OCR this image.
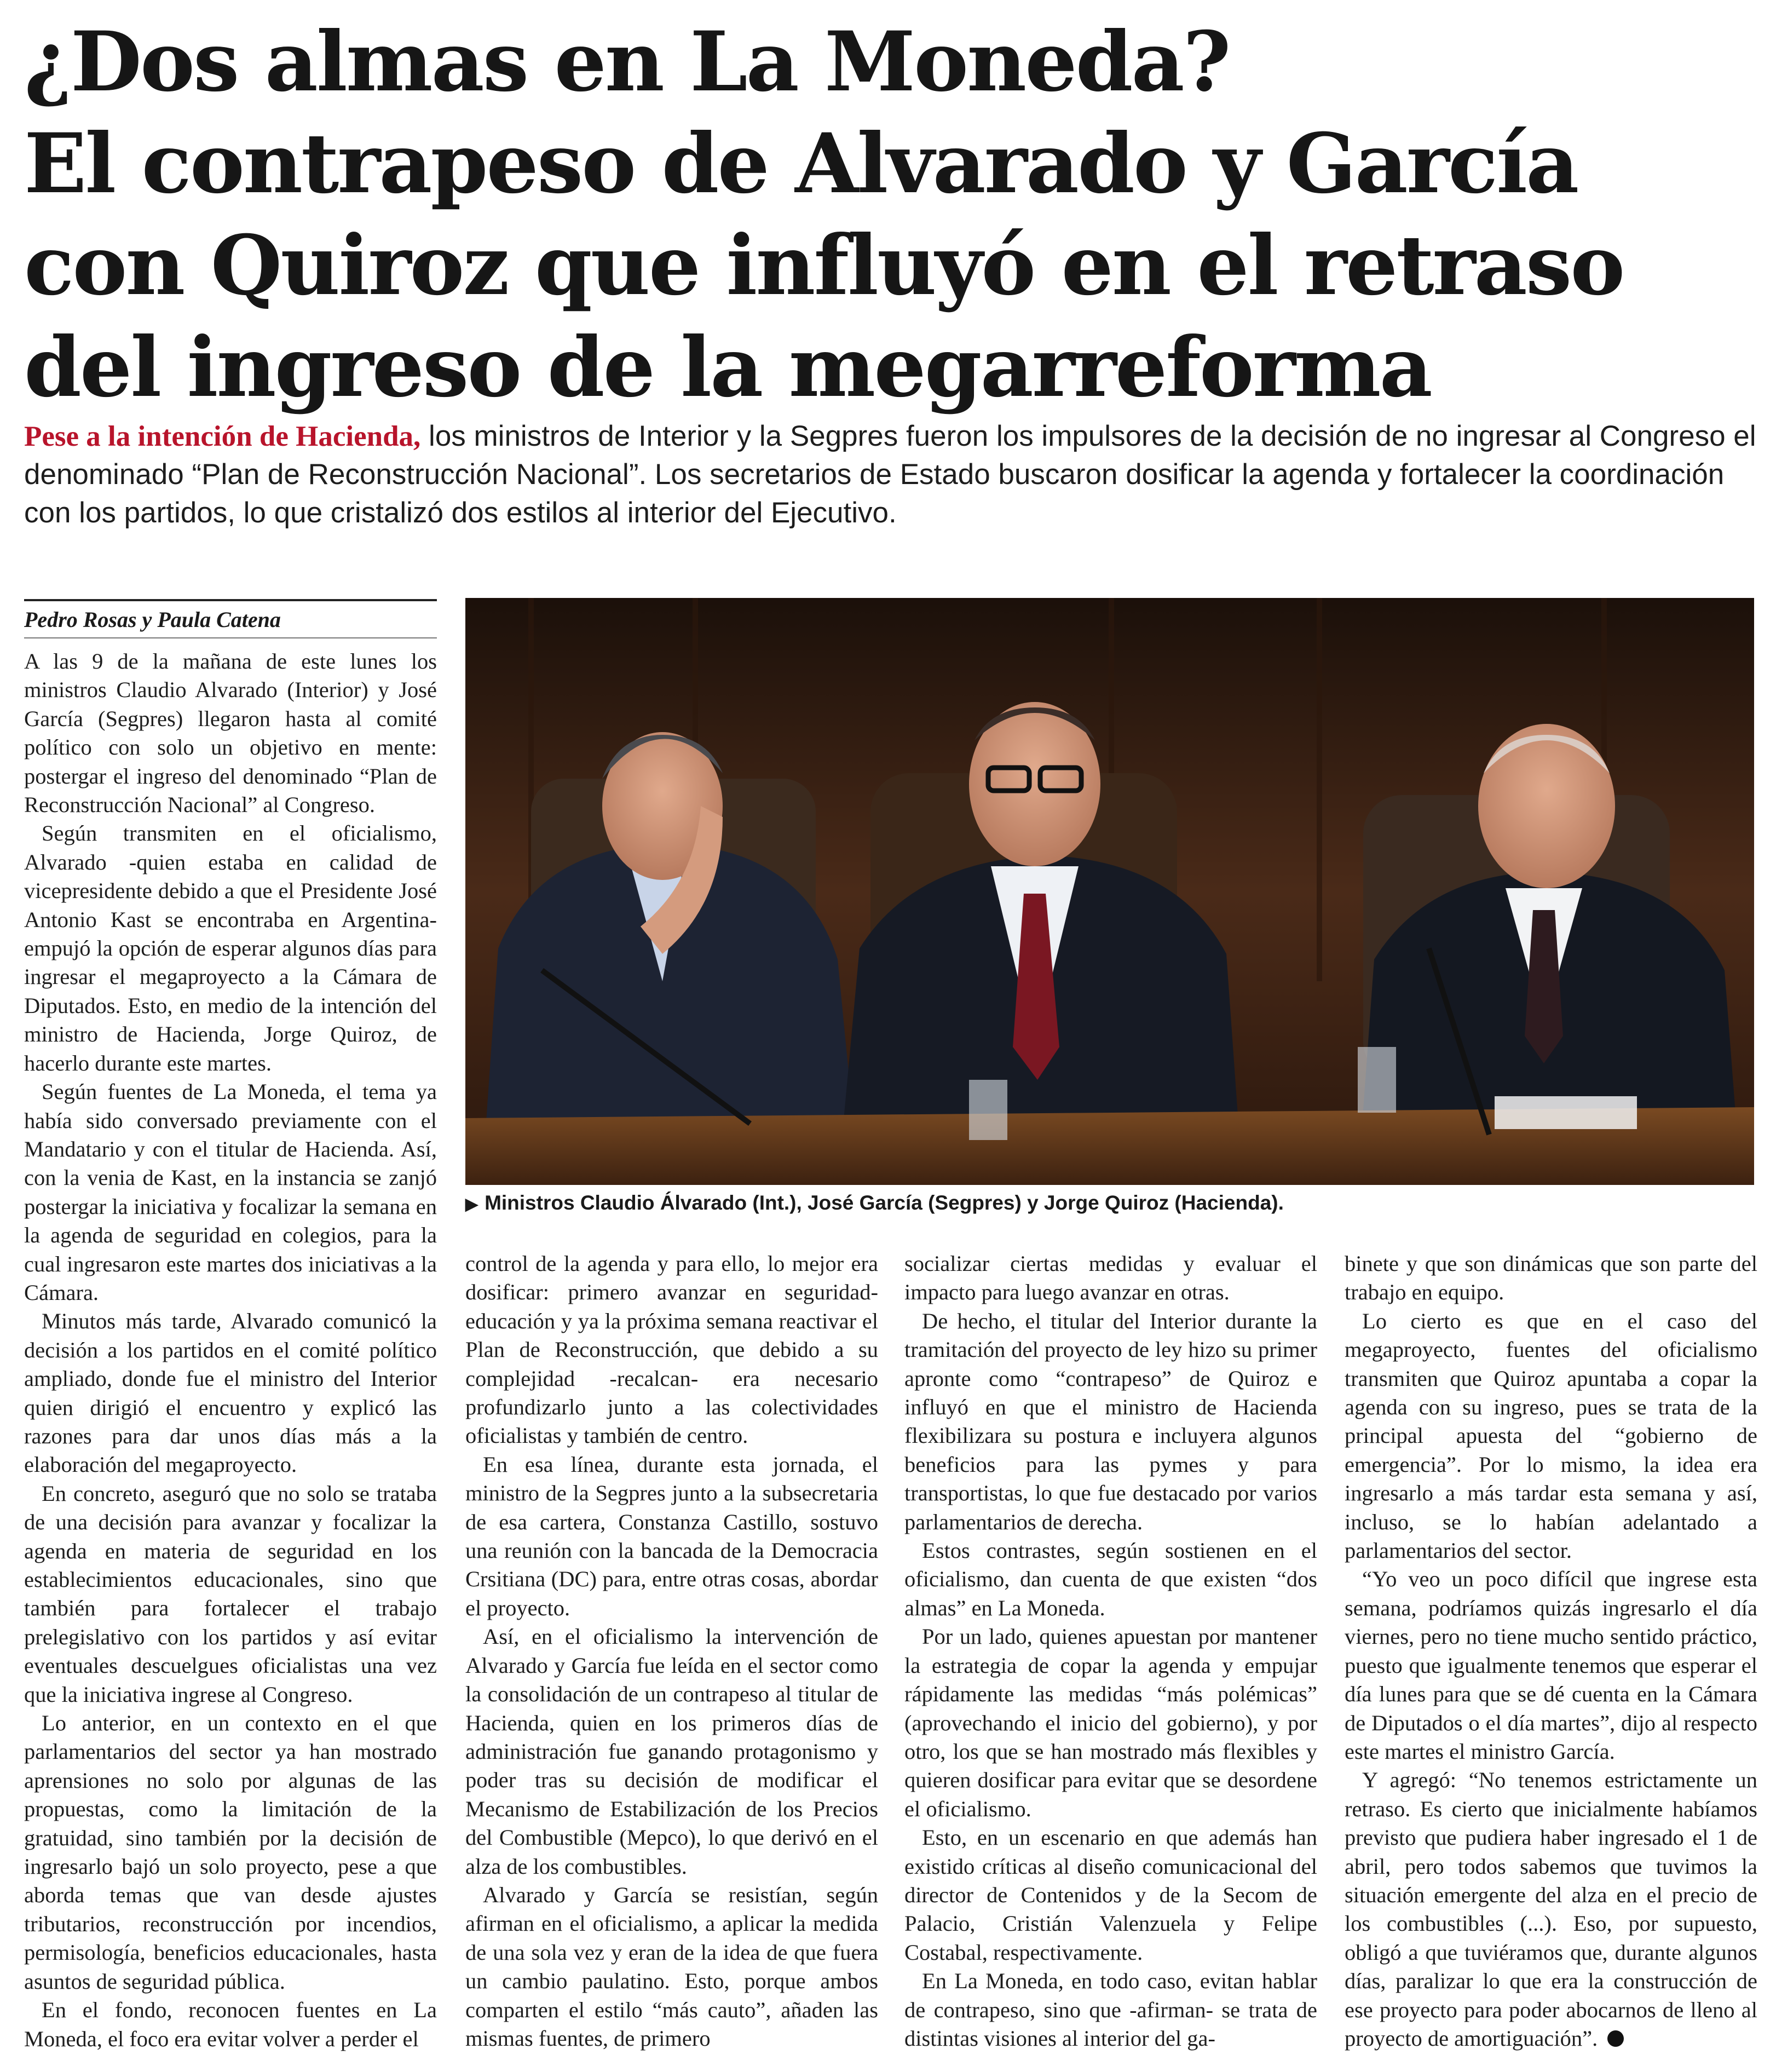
¿Dos almas en La Moneda?
El contrapeso de Alvarado y García
con Quiroz que influyó en el retraso
del ingreso de la megarreforma
Pese a la intención de Hacienda, los ministros de Interior y la Segpres fueron los impulsores de la decisión de no ingresar al Congreso el denominado “Plan de Reconstrucción Nacional”. Los secretarios de Estado buscaron dosificar la agenda y fortalecer la coordinación con los partidos, lo que cristalizó dos estilos al interior del Ejecutivo.
Pedro Rosas y Paula Catena

A las 9 de la mañana de este lunes los ministros Claudio Alvarado (Interior) y José García (Segpres) llegaron hasta al comité político con solo un objetivo en mente: postergar el ingreso del denominado “Plan de Reconstrucción Nacional” al Congreso.

Según transmiten en el oficialismo, Alvarado -quien estaba en calidad de vicepresidente debido a que el Presidente José Antonio Kast se encontraba en Argentina- empujó la opción de esperar algunos días para ingresar el megaproyecto a la Cámara de Diputados. Esto, en medio de la intención del ministro de Hacienda, Jorge Quiroz, de hacerlo durante este martes.

Según fuentes de La Moneda, el tema ya había sido conversado previamente con el Mandatario y con el titular de Hacienda. Así, con la venia de Kast, en la instancia se zanjó postergar la iniciativa y focalizar la semana en la agenda de seguridad en colegios, para la cual ingresaron este martes dos iniciativas a la Cámara.

Minutos más tarde, Alvarado comunicó la decisión a los partidos en el comité político ampliado, donde fue el ministro del Interior quien dirigió el encuentro y explicó las razones para dar unos días más a la elaboración del megaproyecto.

En concreto, aseguró que no solo se trataba de una decisión para avanzar y focalizar la agenda en materia de seguridad en los establecimientos educacionales, sino que también para fortalecer el trabajo prelegislativo con los partidos y así evitar eventuales descuelgues oficialistas una vez que la iniciativa ingrese al Congreso.

Lo anterior, en un contexto en el que parlamentarios del sector ya han mostrado aprensiones no solo por algunas de las propuestas, como la limitación de la gratuidad, sino también por la decisión de ingresarlo bajó un solo proyecto, pese a que aborda temas que van desde ajustes tributarios, reconstrucción por incendios, permisología, beneficios educacionales, hasta asuntos de seguridad pública.

En el fondo, reconocen fuentes en La Moneda, el foco era evitar volver a perder el

▶ Ministros Claudio Álvarado (Int.), José García (Segpres) y Jorge Quiroz (Hacienda).

control de la agenda y para ello, lo mejor era dosificar: primero avanzar en seguridad-educación y ya la próxima semana reactivar el Plan de Reconstrucción, que debido a su complejidad -recalcan- era necesario profundizarlo junto a las colectividades oficialistas y también de centro.

En esa línea, durante esta jornada, el ministro de la Segpres junto a la subsecretaria de esa cartera, Constanza Castillo, sostuvo una reunión con la bancada de la Democracia Crsitiana (DC) para, entre otras cosas, abordar el proyecto.

Así, en el oficialismo la intervención de Alvarado y García fue leída en el sector como la consolidación de un contrapeso al titular de Hacienda, quien en los primeros días de administración fue ganando protagonismo y poder tras su decisión de modificar el Mecanismo de Estabilización de los Precios del Combustible (Mepco), lo que derivó en el alza de los combustibles.

Alvarado y García se resistían, según afirman en el oficialismo, a aplicar la medida de una sola vez y eran de la idea de que fuera un cambio paulatino. Esto, porque ambos comparten el estilo “más cauto”, añaden las mismas fuentes, de primero

socializar ciertas medidas y evaluar el impacto para luego avanzar en otras.

De hecho, el titular del Interior durante la tramitación del proyecto de ley hizo su primer apronte como “contrapeso” de Quiroz e influyó en que el ministro de Hacienda flexibilizara su postura e incluyera algunos beneficios para las pymes y para transportistas, lo que fue destacado por varios parlamentarios de derecha.

Estos contrastes, según sostienen en el oficialismo, dan cuenta de que existen “dos almas” en La Moneda.

Por un lado, quienes apuestan por mantener la estrategia de copar la agenda y empujar rápidamente las medidas “más polémicas” (aprovechando el inicio del gobierno), y por otro, los que se han mostrado más flexibles y quieren dosificar para evitar que se desordene el oficialismo.

Esto, en un escenario en que además han existido críticas al diseño comunicacional del director de Contenidos y de la Secom de Palacio, Cristián Valenzuela y Felipe Costabal, respectivamente.

En La Moneda, en todo caso, evitan hablar de contrapeso, sino que -afirman- se trata de distintas visiones al interior del ga-

binete y que son dinámicas que son parte del trabajo en equipo.

Lo cierto es que en el caso del megaproyecto, fuentes del oficialismo transmiten que Quiroz apuntaba a copar la agenda con su ingreso, pues se trata de la principal apuesta del “gobierno de emergencia”. Por lo mismo, la idea era ingresarlo a más tardar esta semana y así, incluso, se lo habían adelantado a parlamentarios del sector.

“Yo veo un poco difícil que ingrese esta semana, podríamos quizás ingresarlo el día viernes, pero no tiene mucho sentido práctico, puesto que igualmente tenemos que esperar el día lunes para que se dé cuenta en la Cámara de Diputados o el día martes”, dijo al respecto este martes el ministro García.

Y agregó: “No tenemos estrictamente un retraso. Es cierto que inicialmente habíamos previsto que pudiera haber ingresado el 1 de abril, pero todos sabemos que tuvimos la situación emergente del alza en el precio de los combustibles (...). Eso, por supuesto, obligó a que tuviéramos que, durante algunos días, paralizar lo que era la construcción de ese proyecto para poder abocarnos de lleno al proyecto de amortiguación”.
